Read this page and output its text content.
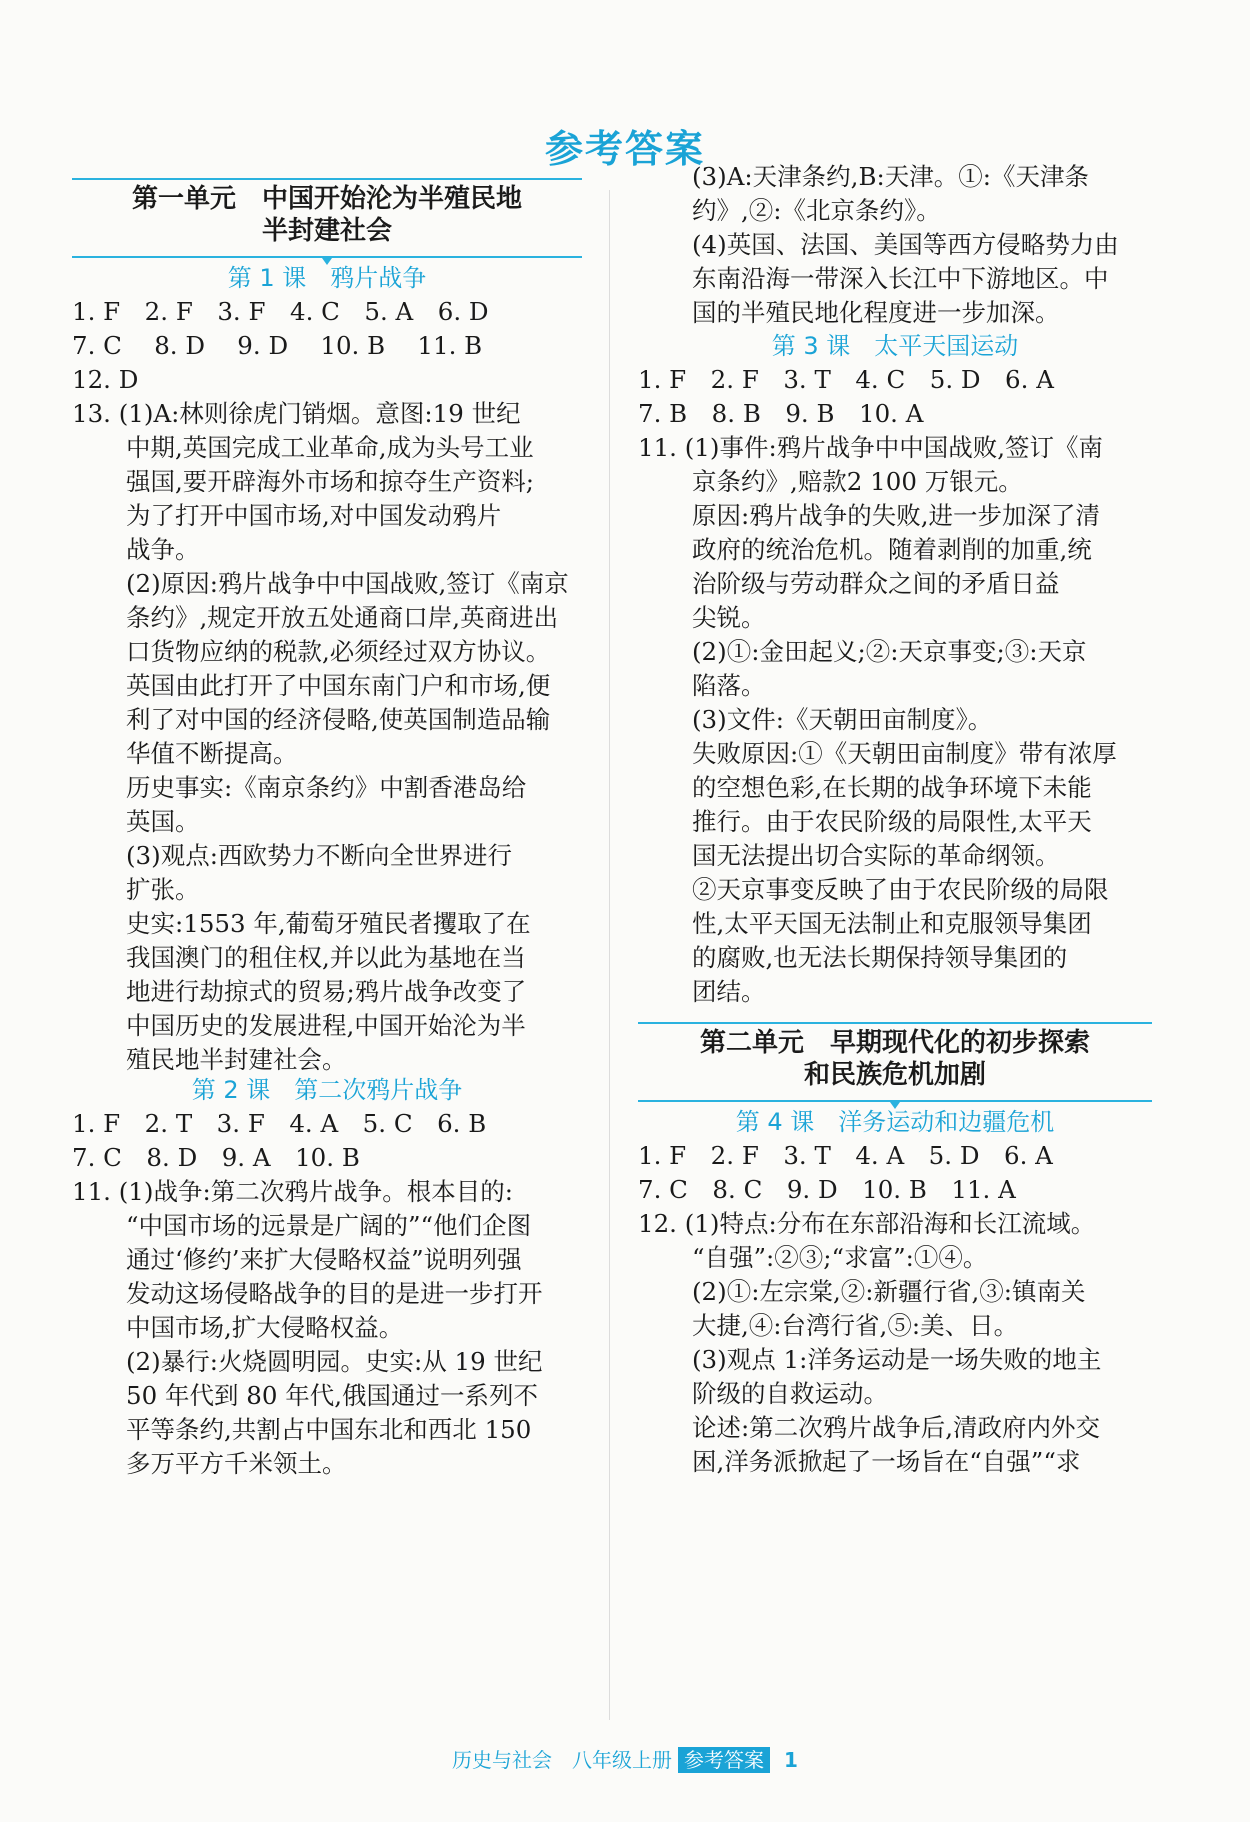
参考答案
第一单元　中国开始沦为半殖民地
半封建社会
第 1 课　鸦片战争
1. F　2. F　3. F　4. C　5. A　6. D
7. C　 8. D　 9. D　 10. B　 11. B
12. D
13. (1)A:林则徐虎门销烟。意图:19 世纪
中期,英国完成工业革命,成为头号工业
强国,要开辟海外市场和掠夺生产资料;
为了打开中国市场,对中国发动鸦片
战争。
(2)原因:鸦片战争中中国战败,签订《南京
条约》,规定开放五处通商口岸,英商进出
口货物应纳的税款,必须经过双方协议。
英国由此打开了中国东南门户和市场,便
利了对中国的经济侵略,使英国制造品输
华值不断提高。
历史事实:《南京条约》中割香港岛给
英国。
(3)观点:西欧势力不断向全世界进行
扩张。
史实:1553 年,葡萄牙殖民者攫取了在
我国澳门的租住权,并以此为基地在当
地进行劫掠式的贸易;鸦片战争改变了
中国历史的发展进程,中国开始沦为半
殖民地半封建社会。
第 2 课　第二次鸦片战争
1. F　2. T　3. F　4. A　5. C　6. B
7. C　8. D　9. A　10. B
11. (1)战争:第二次鸦片战争。根本目的:
“中国市场的远景是广阔的”“他们企图
通过‘修约’来扩大侵略权益”说明列强
发动这场侵略战争的目的是进一步打开
中国市场,扩大侵略权益。
(2)暴行:火烧圆明园。史实:从 19 世纪
50 年代到 80 年代,俄国通过一系列不
平等条约,共割占中国东北和西北 150
多万平方千米领土。
(3)A:天津条约,B:天津。①:《天津条
约》,②:《北京条约》。
(4)英国、法国、美国等西方侵略势力由
东南沿海一带深入长江中下游地区。中
国的半殖民地化程度进一步加深。
第 3 课　太平天国运动
1. F　2. F　3. T　4. C　5. D　6. A
7. B　8. B　9. B　10. A
11. (1)事件:鸦片战争中中国战败,签订《南
京条约》,赔款2 100 万银元。
原因:鸦片战争的失败,进一步加深了清
政府的统治危机。随着剥削的加重,统
治阶级与劳动群众之间的矛盾日益
尖锐。
(2)①:金田起义;②:天京事变;③:天京
陷落。
(3)文件:《天朝田亩制度》。
失败原因:①《天朝田亩制度》带有浓厚
的空想色彩,在长期的战争环境下未能
推行。由于农民阶级的局限性,太平天
国无法提出切合实际的革命纲领。
②天京事变反映了由于农民阶级的局限
性,太平天国无法制止和克服领导集团
的腐败,也无法长期保持领导集团的
团结。
第二单元　早期现代化的初步探索
和民族危机加剧
第 4 课　洋务运动和边疆危机
1. F　2. F　3. T　4. A　5. D　6. A
7. C　8. C　9. D　10. B　11. A
12. (1)特点:分布在东部沿海和长江流域。
“自强”:②③;“求富”:①④。
(2)①:左宗棠,②:新疆行省,③:镇南关
大捷,④:台湾行省,⑤:美、日。
(3)观点 1:洋务运动是一场失败的地主
阶级的自救运动。
论述:第二次鸦片战争后,清政府内外交
困,洋务派掀起了一场旨在“自强”“求
历史与社会　八年级上册 参考答案 1
